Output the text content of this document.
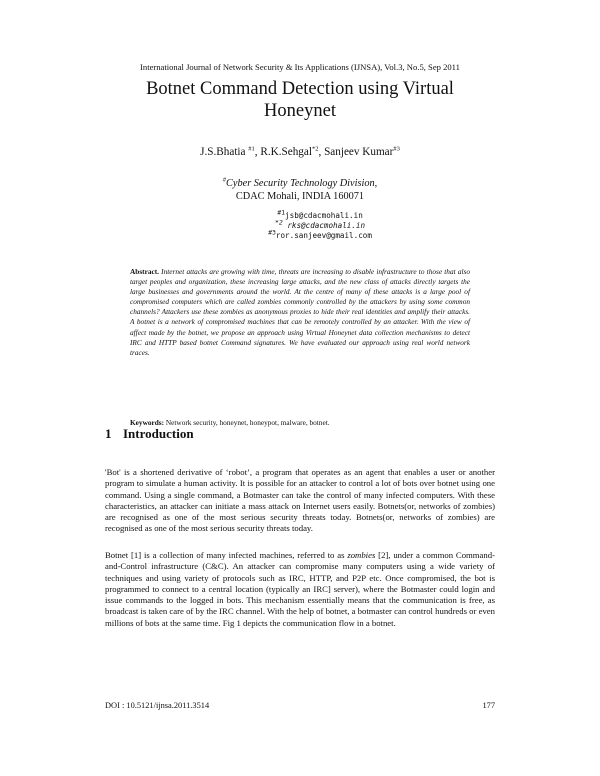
International Journal of Network Security & Its Applications (IJNSA), Vol.3, No.5, Sep 2011
Botnet Command Detection using Virtual
Honeynet
J.S.Bhatia $^{\#1}$, R.K.Sehgal$^{*2}$, Sanjeev Kumar$^{\#3}$
#Cyber Security Technology Division,
CDAC Mohali, INDIA 160071
$^{\#1}$jsb@cdacmohali.in
$^{*2}$ rks@cdacmohali.in
$^{\#3}$ror.sanjeev@gmail.com
Abstract. Internet attacks are growing with time, threats are increasing to disable infrastructure to those that also target peoples and organization, these increasing large attacks, and the new class of attacks directly targets the large businesses and governments around the world. At the centre of many of these attacks is a large pool of compromised computers which are called zombies commonly controlled by the attackers by using some common channels? Attackers use these zombies as anonymous proxies to hide their real identities and amplify their attacks. A botnet is a network of compromised machines that can be remotely controlled by an attacker. With the view of affect made by the botnet, we propose an approach using Virtual Honeynet data collection mechanisms to detect IRC and HTTP based botnet Command signatures. We have evaluated our approach using real world network traces.
Keywords: Network security, honeynet, honeypot, malware, botnet.
1 Introduction
'Bot' is a shortened derivative of ‘robot’, a program that operates as an agent that enables a user or another program to simulate a human activity. It is possible for an attacker to control a lot of bots over botnet using one command. Using a single command, a Botmaster can take the control of many infected computers. With these characteristics, an attacker can initiate a mass attack on Internet users easily. Botnets(or, networks of zombies) are recognised as one of the most serious security threats today. Botnets(or, networks of zombies) are recognised as one of the most serious security threats today.
Botnet [1] is a collection of many infected machines, referred to as zombies [2], under a common Command-and-Control infrastructure (C&C). An attacker can compromise many computers using a wide variety of techniques and using variety of protocols such as IRC, HTTP, and P2P etc. Once compromised, the bot is programmed to connect to a central location (typically an IRC] server), where the Botmaster could login and issue commands to the logged in bots. This mechanism essentially means that the communication is free, as broadcast is taken care of by the IRC channel. With the help of botnet, a botmaster can control hundreds or even millions of bots at the same time. Fig 1 depicts the communication flow in a botnet.
DOI : 10.5121/ijnsa.2011.3514	177
